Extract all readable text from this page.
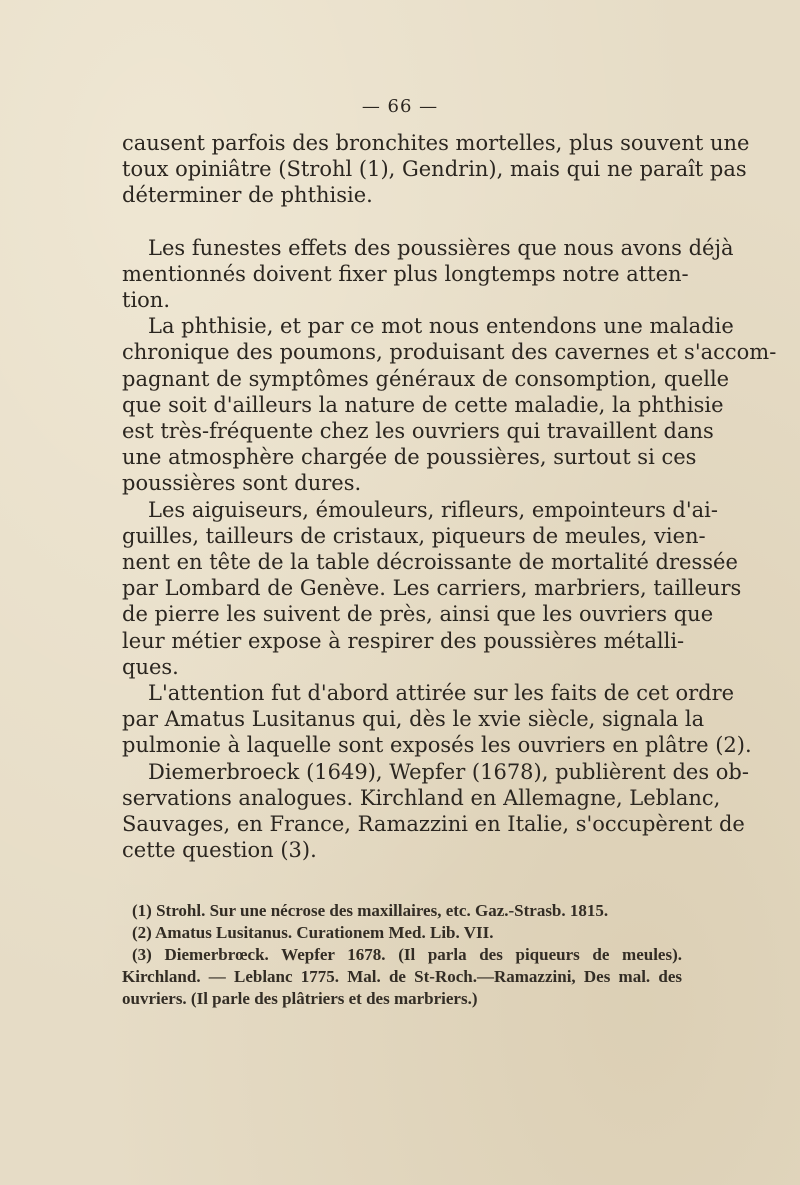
— 66 —

causent parfois des bronchites mortelles, plus souvent une
toux opiniâtre (Strohl (1), Gendrin), mais qui ne paraît pas
déterminer de phthisie.

Les funestes effets des poussières que nous avons déjà
mentionnés doivent fixer plus longtemps notre atten-
tion.

La phthisie, et par ce mot nous entendons une maladie
chronique des poumons, produisant des cavernes et s'accom-
pagnant de symptômes généraux de consomption, quelle
que soit d'ailleurs la nature de cette maladie, la phthisie
est très-fréquente chez les ouvriers qui travaillent dans
une atmosphère chargée de poussières, surtout si ces
poussières sont dures.

Les aiguiseurs, émouleurs, rifleurs, empointeurs d'ai-
guilles, tailleurs de cristaux, piqueurs de meules, vien-
nent en tête de la table décroissante de mortalité dressée
par Lombard de Genève. Les carriers, marbriers, tailleurs
de pierre les suivent de près, ainsi que les ouvriers que
leur métier expose à respirer des poussières métalli-
ques.

L'attention fut d'abord attirée sur les faits de cet ordre
par Amatus Lusitanus qui, dès le xvie siècle, signala la
pulmonie à laquelle sont exposés les ouvriers en plâtre (2).

Diemerbroeck (1649), Wepfer (1678), publièrent des ob-
servations analogues. Kirchland en Allemagne, Leblanc,
Sauvages, en France, Ramazzini en Italie, s'occupèrent de
cette question (3).

(1) Strohl. Sur une nécrose des maxillaires, etc. Gaz.-Strasb. 1815.
(2) Amatus Lusitanus. Curationem Med. Lib. VII.
(3) Diemerbrœck. Wepfer 1678. (Il parla des piqueurs de meules).
Kirchland. — Leblanc 1775. Mal. de St-Roch.—Ramazzini, Des mal. des
ouvriers. (Il parle des plâtriers et des marbriers.)
